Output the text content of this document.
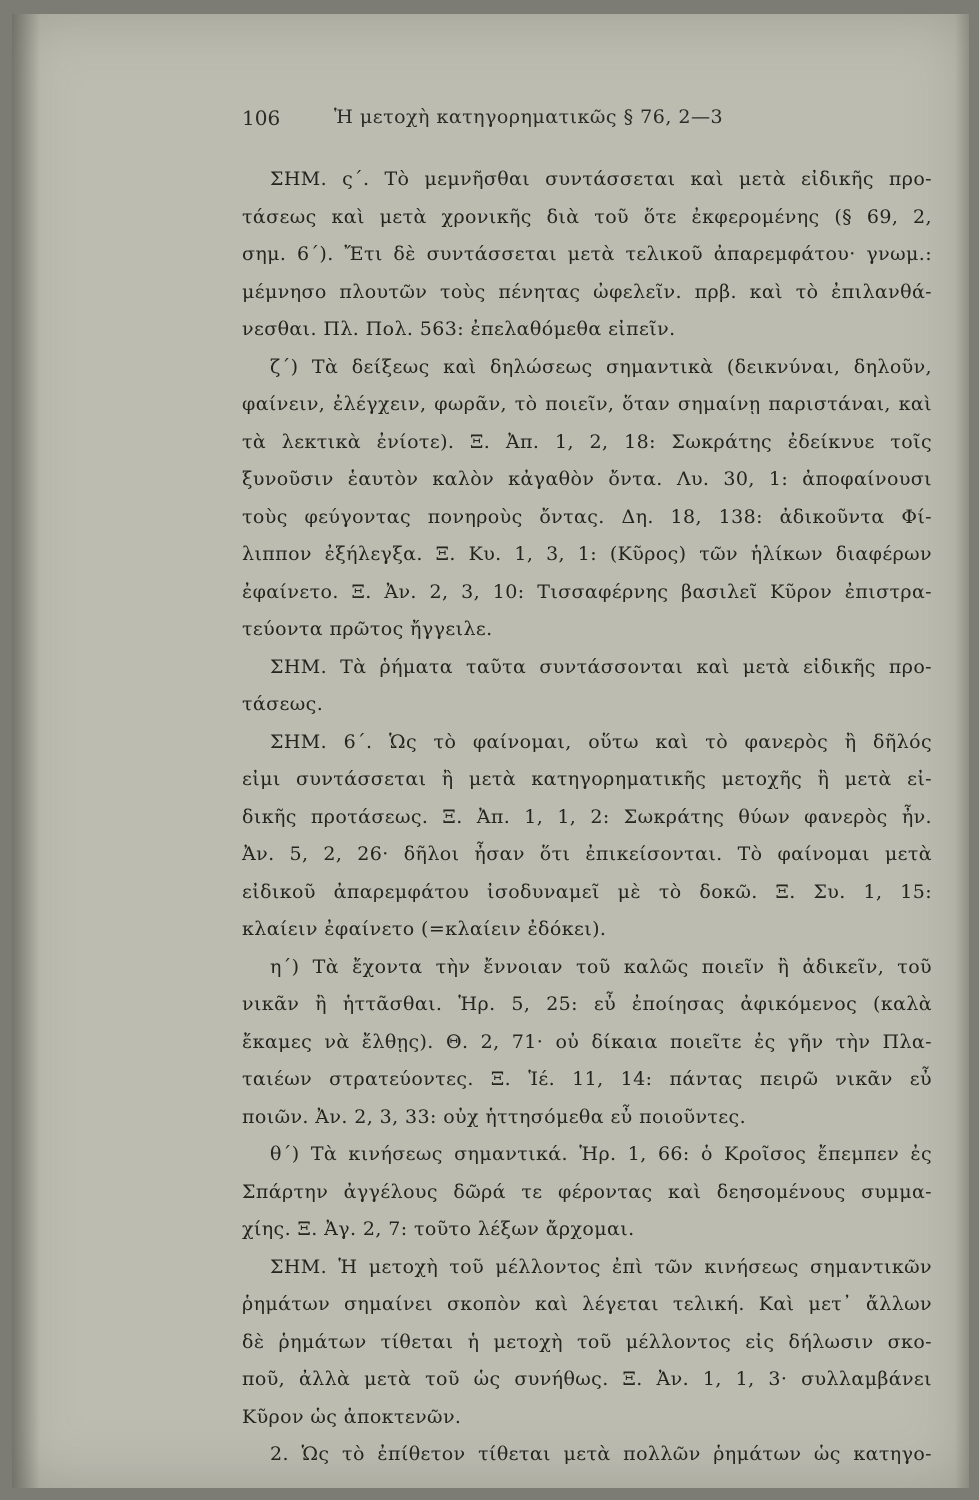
106	Ἡ μετοχὴ κατηγορηματικῶς § 76, 2—3
ΣΗΜ. ς΄. Τὸ μεμνῆσθαι συντάσσεται καὶ μετὰ εἰδικῆς προ-
τάσεως καὶ μετὰ χρονικῆς διὰ τοῦ ὅτε ἐκφερομένης (§ 69, 2,
σημ. 6΄). Ἔτι δὲ συντάσσεται μετὰ τελικοῦ ἀπαρεμφάτου· γνωμ.:
μέμνησο πλουτῶν τοὺς πένητας ὠφελεῖν. πρβ. καὶ τὸ ἐπιλανθά-
νεσθαι. Πλ. Πολ. 563: ἐπελαθόμεθα εἰπεῖν.
ζ΄) Τὰ δείξεως καὶ δηλώσεως σημαντικὰ (δεικνύναι, δηλοῦν,
φαίνειν, ἐλέγχειν, φωρᾶν, τὸ ποιεῖν, ὅταν σημαίνῃ παριστάναι, καὶ
τὰ λεκτικὰ ἐνίοτε). Ξ. Ἀπ. 1, 2, 18: Σωκράτης ἐδείκνυε τοῖς
ξυνοῦσιν ἑαυτὸν καλὸν κἀγαθὸν ὄντα. Λυ. 30, 1: ἀποφαίνουσι
τοὺς φεύγοντας πονηροὺς ὄντας. Δη. 18, 138: ἀδικοῦντα Φί-
λιππον ἐξήλεγξα. Ξ. Κυ. 1, 3, 1: (Κῦρος) τῶν ἡλίκων διαφέρων
ἐφαίνετο. Ξ. Ἀν. 2, 3, 10: Τισσαφέρνης βασιλεῖ Κῦρον ἐπιστρα-
τεύοντα πρῶτος ἤγγειλε.
ΣΗΜ. Τὰ ῥήματα ταῦτα συντάσσονται καὶ μετὰ εἰδικῆς προ-
τάσεως.
ΣΗΜ. 6΄. Ὡς τὸ φαίνομαι, οὕτω καὶ τὸ φανερὸς ἢ δῆλός
εἰμι συντάσσεται ἢ μετὰ κατηγορηματικῆς μετοχῆς ἢ μετὰ εἰ-
δικῆς προτάσεως. Ξ. Ἀπ. 1, 1, 2: Σωκράτης θύων φανερὸς ἦν.
Ἀν. 5, 2, 26· δῆλοι ἦσαν ὅτι ἐπικείσονται. Τὸ φαίνομαι μετὰ
εἰδικοῦ ἀπαρεμφάτου ἰσοδυναμεῖ μὲ τὸ δοκῶ. Ξ. Συ. 1, 15:
κλαίειν ἐφαίνετο (=κλαίειν ἐδόκει).
η΄) Τὰ ἔχοντα τὴν ἔννοιαν τοῦ καλῶς ποιεῖν ἢ ἀδικεῖν, τοῦ
νικᾶν ἢ ἡττᾶσθαι. Ἡρ. 5, 25: εὖ ἐποίησας ἀφικόμενος (καλὰ
ἔκαμες νὰ ἔλθῃς). Θ. 2, 71· οὐ δίκαια ποιεῖτε ἐς γῆν τὴν Πλα-
ταιέων στρατεύοντες. Ξ. Ἱέ. 11, 14: πάντας πειρῶ νικᾶν εὖ
ποιῶν. Ἀν. 2, 3, 33: οὐχ ἡττησόμεθα εὖ ποιοῦντες.
θ΄) Τὰ κινήσεως σημαντικά. Ἡρ. 1, 66: ὁ Κροῖσος ἔπεμπεν ἐς
Σπάρτην ἀγγέλους δῶρά τε φέροντας καὶ δεησομένους συμμα-
χίης. Ξ. Ἀγ. 2, 7: τοῦτο λέξων ἄρχομαι.
ΣΗΜ. Ἡ μετοχὴ τοῦ μέλλοντος ἐπὶ τῶν κινήσεως σημαντικῶν
ῥημάτων σημαίνει σκοπὸν καὶ λέγεται τελική. Καὶ μετ᾽ ἄλλων
δὲ ῥημάτων τίθεται ἡ μετοχὴ τοῦ μέλλοντος εἰς δήλωσιν σκο-
ποῦ, ἀλλὰ μετὰ τοῦ ὡς συνήθως. Ξ. Ἀν. 1, 1, 3· συλλαμβάνει
Κῦρον ὡς ἀποκτενῶν.
2. Ὡς τὸ ἐπίθετον τίθεται μετὰ πολλῶν ῥημάτων ὡς κατηγο-
